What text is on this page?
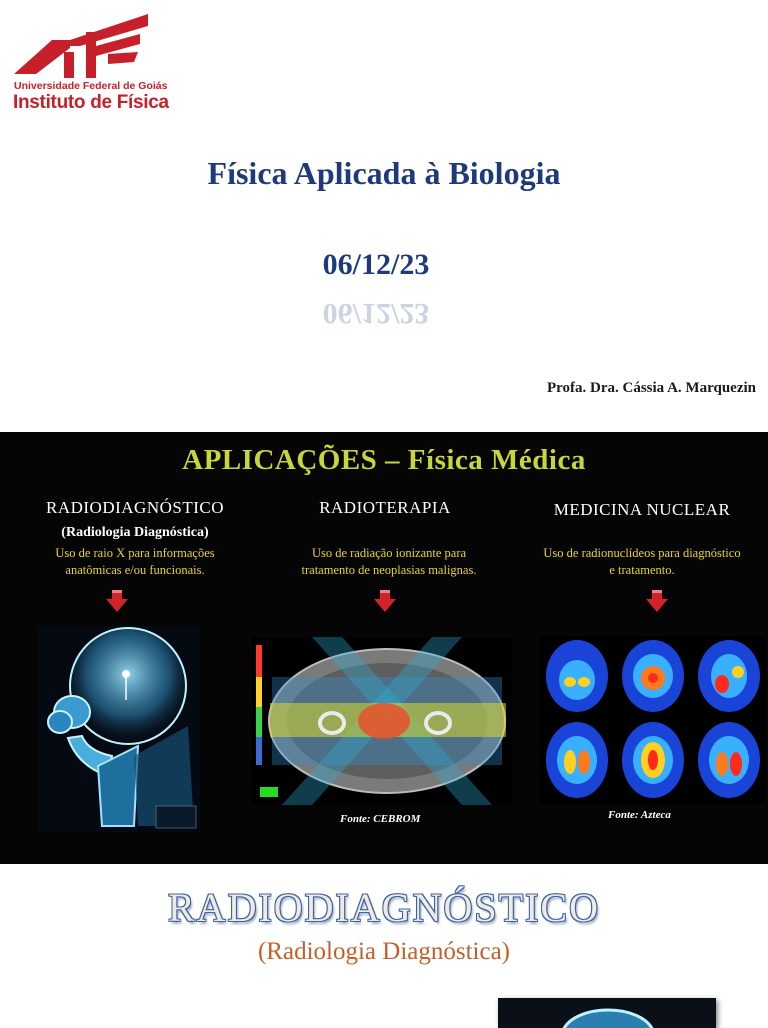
Universidade Federal de Goiás
Instituto de Física
Física Aplicada à Biologia
06/12/23
06/12/23
Profa. Dra. Cássia A. Marquezin
APLICAÇÕES – Física Médica
RADIODIAGNÓSTICO
(Radiologia Diagnóstica)
Uso de raio X para informações
anatômicas e/ou funcionais.
RADIOTERAPIA
Uso de radiação ionizante para
tratamento de neoplasias malignas.
Fonte: CEBROM
MEDICINA NUCLEAR
Uso de radionuclídeos para diagnóstico
e tratamento.
Fonte: Azteca
RADIODIAGNÓSTICO
(Radiologia Diagnóstica)
